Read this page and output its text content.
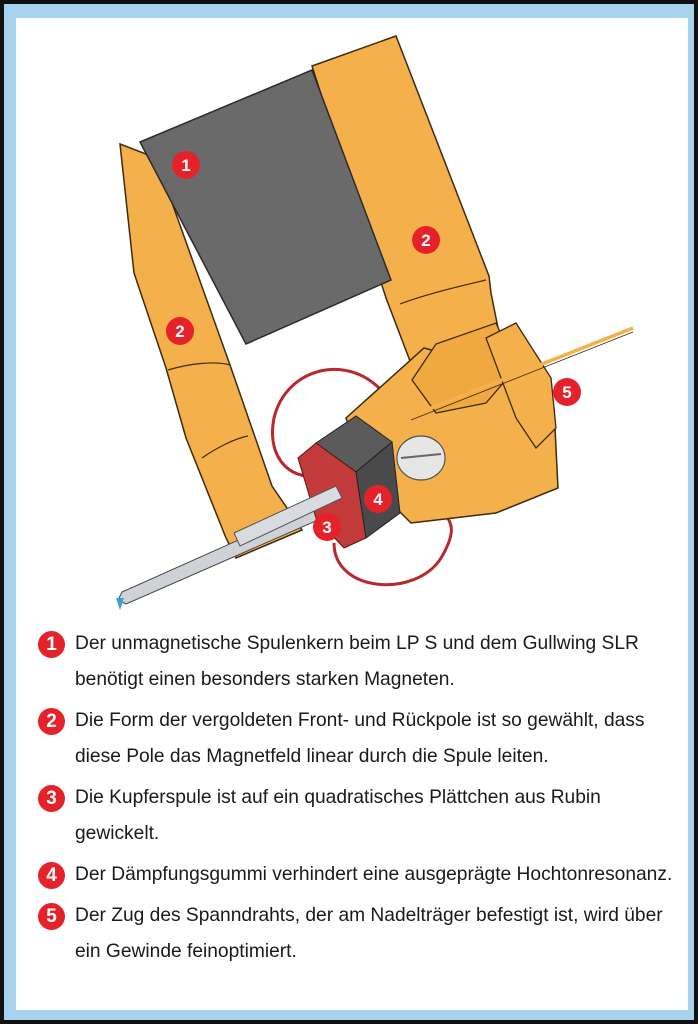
1
2
2
3
4
5
1 Der unmagnetische Spulenkern beim LP S und dem Gullwing SLR benötigt einen besonders starken Magneten.
2 Die Form der vergoldeten Front- und Rückpole ist so gewählt, dass diese Pole das Magnetfeld linear durch die Spule leiten.
3 Die Kupferspule ist auf ein quadratisches Plättchen aus Rubin gewickelt.
4 Der Dämpfungsgummi verhindert eine ausgeprägte Hochtonresonanz.
5 Der Zug des Spanndrahts, der am Nadelträger befestigt ist, wird über ein Gewinde feinoptimiert.
